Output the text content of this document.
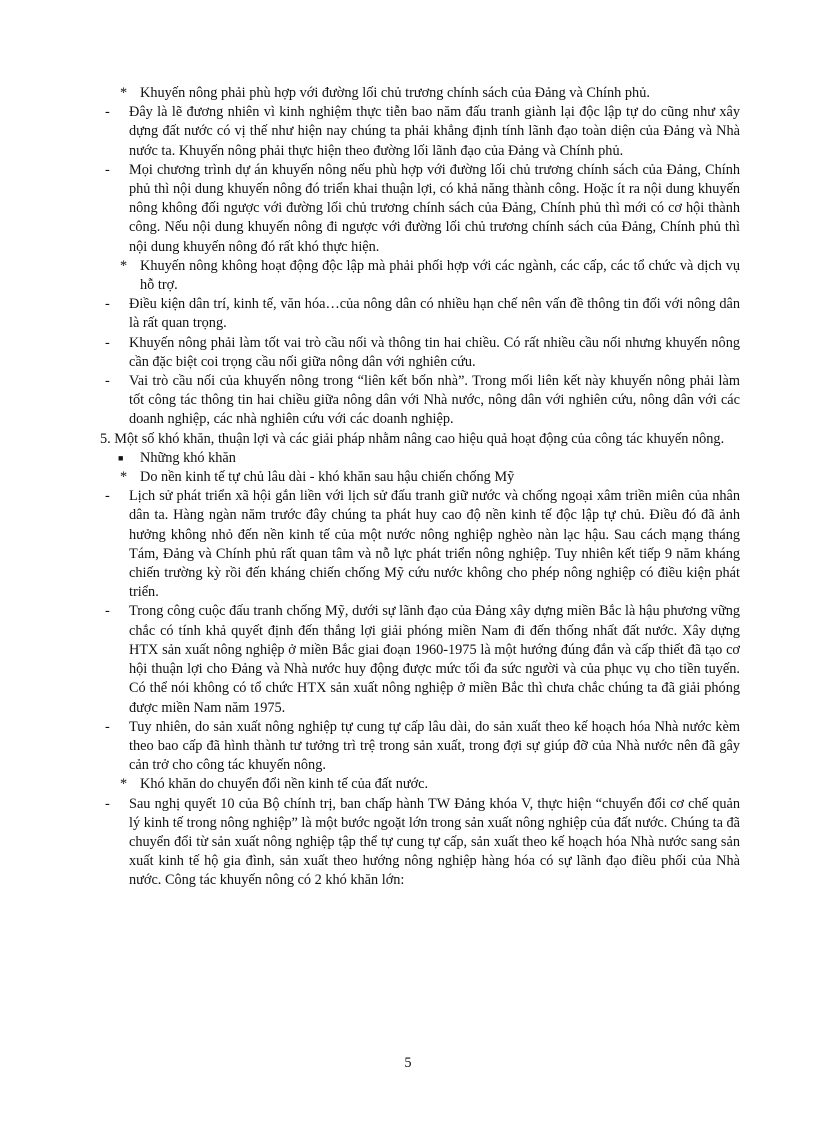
* Khuyến nông phải phù hợp với đường lối chủ trương chính sách của Đảng và Chính phủ.

- Đây là lẽ đương nhiên vì kinh nghiệm thực tiễn bao năm đấu tranh giành lại độc lập tự do cũng như xây dựng đất nước có vị thế như hiện nay chúng ta phải khẳng định tính lãnh đạo toàn diện của Đảng và Nhà nước ta. Khuyến nông phải thực hiện theo đường lối lãnh đạo của Đảng và Chính phủ.

- Mọi chương trình dự án khuyến nông nếu phù hợp với đường lối chủ trương chính sách của Đảng, Chính phủ thì nội dung khuyến nông đó triển khai thuận lợi, có khả năng thành công. Hoặc ít ra nội dung khuyến nông không đối ngược với đường lối chủ trương chính sách của Đảng, Chính phủ thì mới có cơ hội thành công. Nếu nội dung khuyến nông đi ngược với đường lối chủ trương chính sách của Đảng, Chính phủ thì nội dung khuyến nông đó rất khó thực hiện.

* Khuyến nông không hoạt động độc lập mà phải phối hợp với các ngành, các cấp, các tổ chức và dịch vụ hỗ trợ.

- Điều kiện dân trí, kinh tế, văn hóa…của nông dân có nhiều hạn chế nên vấn đề thông tin đối với nông dân là rất quan trọng.

- Khuyến nông phải làm tốt vai trò cầu nối và thông tin hai chiều. Có rất nhiều cầu nối nhưng khuyến nông cần đặc biệt coi trọng cầu nối giữa nông dân với nghiên cứu.

- Vai trò cầu nối của khuyến nông trong “liên kết bốn nhà”. Trong mối liên kết này khuyến nông phải làm tốt công tác thông tin hai chiều giữa nông dân với Nhà nước, nông dân với nghiên cứu, nông dân với các doanh nghiệp, các nhà nghiên cứu với các doanh nghiệp.

5. Một số khó khăn, thuận lợi và các giải pháp nhằm nâng cao hiệu quả hoạt động của công tác khuyến nông.

■ Những khó khăn

* Do nền kinh tế tự chủ lâu dài - khó khăn sau hậu chiến chống Mỹ

- Lịch sử phát triển xã hội gắn liền với lịch sử đấu tranh giữ nước và chống ngoại xâm triền miên của nhân dân ta. Hàng ngàn năm trước đây chúng ta phát huy cao độ nền kinh tế độc lập tự chủ. Điều đó đã ảnh hưởng không nhỏ đến nền kinh tế của một nước nông nghiệp nghèo nàn lạc hậu. Sau cách mạng tháng Tám, Đảng và Chính phủ rất quan tâm và nỗ lực phát triển nông nghiệp. Tuy nhiên kết tiếp 9 năm kháng chiến trường kỳ rồi đến kháng chiến chống Mỹ cứu nước không cho phép nông nghiệp có điều kiện phát triển.

- Trong công cuộc đấu tranh chống Mỹ, dưới sự lãnh đạo của Đảng xây dựng miền Bắc là hậu phương vững chắc có tính khả quyết định đến thắng lợi giải phóng miền Nam đi đến thống nhất đất nước. Xây dựng HTX sản xuất nông nghiệp ở miền Bắc giai đoạn 1960-1975 là một hướng đúng đắn và cấp thiết đã tạo cơ hội thuận lợi cho Đảng và Nhà nước huy động được mức tối đa sức người và của phục vụ cho tiền tuyến. Có thể nói không có tổ chức HTX sản xuất nông nghiệp ở miền Bắc thì chưa chắc chúng ta đã giải phóng được miền Nam năm 1975.

- Tuy nhiên, do sản xuất nông nghiệp tự cung tự cấp lâu dài, do sản xuất theo kế hoạch hóa Nhà nước kèm theo bao cấp đã hình thành tư tưởng trì trệ trong sản xuất, trong đợi sự giúp đỡ của Nhà nước nên đã gây cản trở cho công tác khuyến nông.

* Khó khăn do chuyển đổi nền kinh tế của đất nước.

- Sau nghị quyết 10 của Bộ chính trị, ban chấp hành TW Đảng khóa V, thực hiện “chuyển đổi cơ chế quản lý kinh tế trong nông nghiệp” là một bước ngoặt lớn trong sản xuất nông nghiệp của đất nước. Chúng ta đã chuyển đổi từ sản xuất nông nghiệp tập thể tự cung tự cấp, sản xuất theo kế hoạch hóa Nhà nước sang sản xuất kinh tế hộ gia đình, sản xuất theo hướng nông nghiệp hàng hóa có sự lãnh đạo điều phối của Nhà nước. Công tác khuyến nông có 2 khó khăn lớn:

5
